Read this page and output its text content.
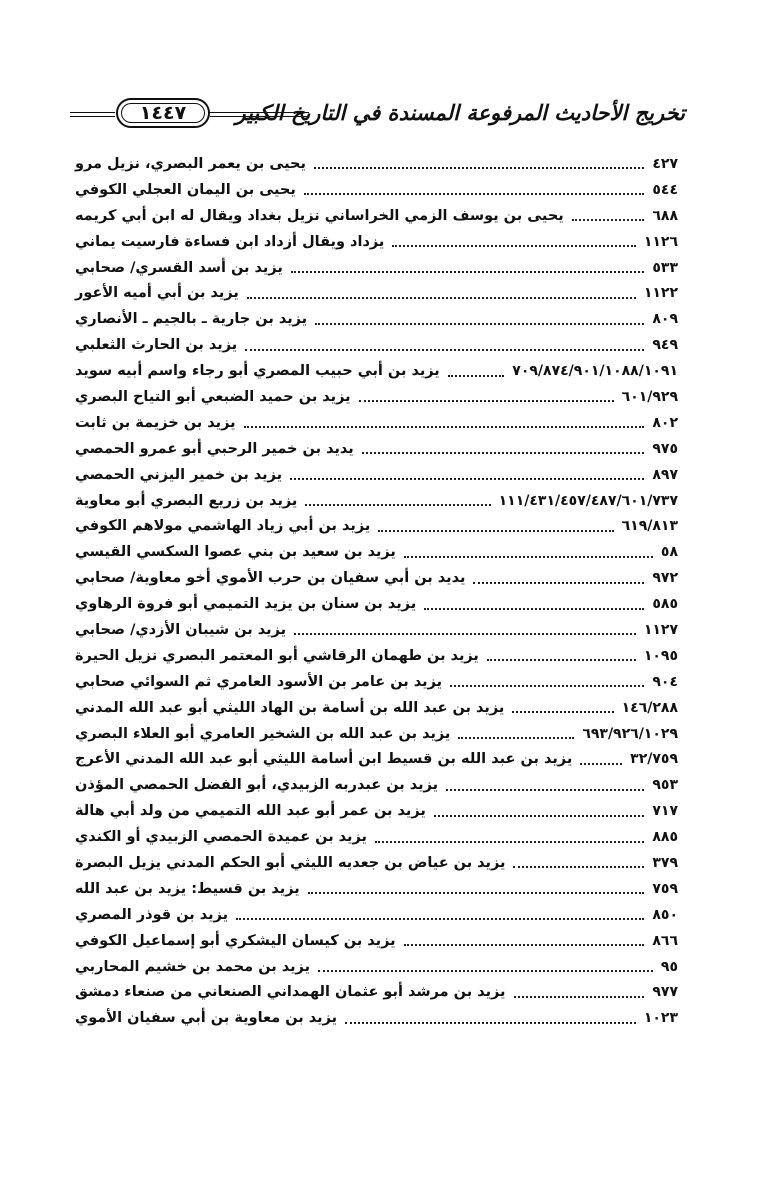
١٤٤٧	تخريج الأحاديث المرفوعة المسندة في التاريخ الكبير
يحيى بن يعمر البصري، نزيل مرو	٤٢٧
يحيى بن اليمان العجلي الكوفي	٥٤٤
يحيى بن يوسف الزمي الخراساني نزيل بغداد ويقال له ابن أبي كريمه	٦٨٨
يزداد ويقال أزداد ابن فساءة فارسيت يماني	١١٢٦
يزيد بن أسد القسري/ صحابي	٥٣٣
يزيد بن أبي أميه الأعور	١١٢٢
يزيد بن جارية ـ بالجيم ـ الأنصاري	٨٠٩
يزيد بن الحارث الثعلبي	٩٤٩
يزيد بن أبي حبيب المصري أبو رجاء واسم أبيه سويد	٧٠٩/٨٧٤/٩٠١/١٠٨٨/١٠٩١
يزيد بن حميد الضبعي أبو التياح البصري	٦٠١/٩٢٩
يزيد بن خزيمة بن ثابت	٨٠٢
يديد بن خمير الرحبي أبو عمرو الحمصي	٩٧٥
يزيد بن خمير اليزني الحمصي	٨٩٧
يزيد بن زريع البصري أبو معاوية	١١١/٤٣١/٤٥٧/٤٨٧/٦٠١/٧٣٧
يزيد بن أبي زياد الهاشمي مولاهم الكوفي	٦١٩/٨١٣
يزيد بن سعيد بن بني عصوا السكسي القيسي	٥٨
يديد بن أبي سفيان بن حرب الأموي أخو معاوية/ صحابي	٩٧٢
يزيد بن سنان بن يزيد التميمي أبو فروة الرهاوي	٥٨٥
يزيد بن شيبان الأزدي/ صحابي	١١٢٧
يزيد بن طهمان الرقاشي أبو المعتمر البصري نزيل الحيرة	١٠٩٥
يزيد بن عامر بن الأسود العامري ثم السوائي صحابي	٩٠٤
يزيد بن عبد الله بن أسامة بن الهاد الليثي أبو عبد الله المدني	١٤٦/٢٨٨
يزيد بن عبد الله بن الشخير العامري أبو العلاء البصري	٦٩٣/٩٢٦/١٠٢٩
يزيد بن عبد الله بن قسيط ابن أسامة الليثي أبو عبد الله المدني الأعرج	٣٢/٧٥٩
يزيد بن عبدربه الزبيدي، أبو الفضل الحمصي المؤذن	٩٥٣
يزيد بن عمر أبو عبد الله التميمي من ولد أبي هالة	٧١٧
يزيد بن عميدة الحمصي الزبيدي أو الكندي	٨٨٥
يزيد بن عياض بن جعديه الليثي أبو الحكم المدني يزيل البصرة	٣٧٩
يزيد بن قسيط: يزيد بن عبد الله	٧٥٩
يزيد بن قوذر المصري	٨٥٠
يزيد بن كيسان اليشكري أبو إسماعيل الكوفي	٨٦٦
يزيد بن محمد بن خشيم المحاربي	٩٥
يزيد بن مرشد أبو عثمان الهمداني الصنعاني من صنعاء دمشق	٩٧٧
يزيد بن معاوية بن أبي سفيان الأموي	١٠٢٣
